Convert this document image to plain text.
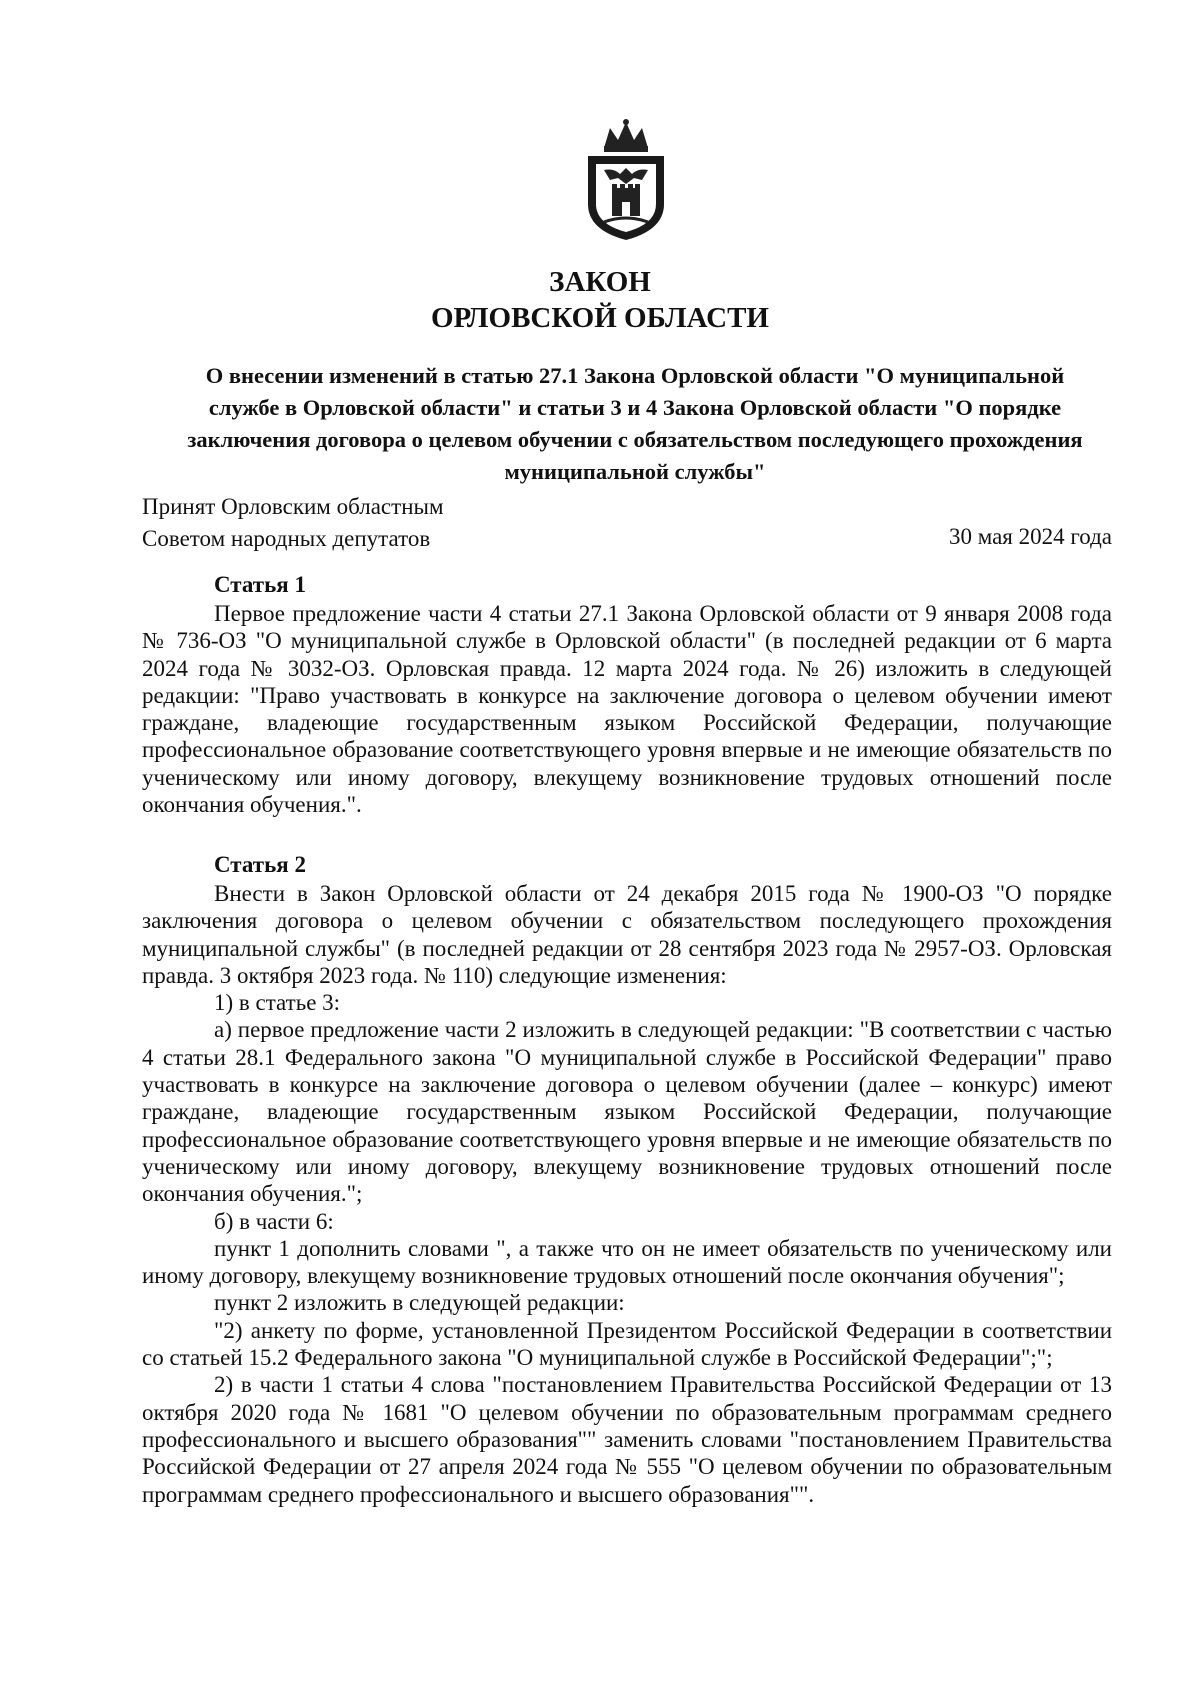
ЗАКОН
ОРЛОВСКОЙ ОБЛАСТИ
О внесении изменений в статью 27.1 Закона Орловской области "О муниципальной службе в Орловской области" и статьи 3 и 4 Закона Орловской области "О порядке заключения договора о целевом обучении с обязательством последующего прохождения муниципальной службы"
Принят Орловским областным
Советом народных депутатов	30 мая 2024 года
Статья 1

Первое предложение части 4 статьи 27.1 Закона Орловской области от 9 января 2008 года № 736-ОЗ "О муниципальной службе в Орловской области" (в последней редакции от 6 марта 2024 года № 3032-ОЗ. Орловская правда. 12 марта 2024 года. № 26) изложить в следующей редакции: "Право участвовать в конкурсе на заключение договора о целевом обучении имеют граждане, владеющие государственным языком Российской Федерации, получающие профессиональное образование соответствующего уровня впервые и не имеющие обязательств по ученическому или иному договору, влекущему возникновение трудовых отношений после окончания обучения.".

Статья 2

Внести в Закон Орловской области от 24 декабря 2015 года № 1900-ОЗ "О порядке заключения договора о целевом обучении с обязательством последующего прохождения муниципальной службы" (в последней редакции от 28 сентября 2023 года № 2957-ОЗ. Орловская правда. 3 октября 2023 года. № 110) следующие изменения:

1) в статье 3:

а) первое предложение части 2 изложить в следующей редакции: "В соответствии с частью 4 статьи 28.1 Федерального закона "О муниципальной службе в Российской Федерации" право участвовать в конкурсе на заключение договора о целевом обучении (далее – конкурс) имеют граждане, владеющие государственным языком Российской Федерации, получающие профессиональное образование соответствующего уровня впервые и не имеющие обязательств по ученическому или иному договору, влекущему возникновение трудовых отношений после окончания обучения.";

б) в части 6:

пункт 1 дополнить словами ", а также что он не имеет обязательств по ученическому или иному договору, влекущему возникновение трудовых отношений после окончания обучения";

пункт 2 изложить в следующей редакции:

"2) анкету по форме, установленной Президентом Российской Федерации в соответствии со статьей 15.2 Федерального закона "О муниципальной службе в Российской Федерации";";

2) в части 1 статьи 4 слова "постановлением Правительства Российской Федерации от 13 октября 2020 года № 1681 "О целевом обучении по образовательным программам среднего профессионального и высшего образования"" заменить словами "постановлением Правительства Российской Федерации от 27 апреля 2024 года № 555 "О целевом обучении по образовательным программам среднего профессионального и высшего образования"".
